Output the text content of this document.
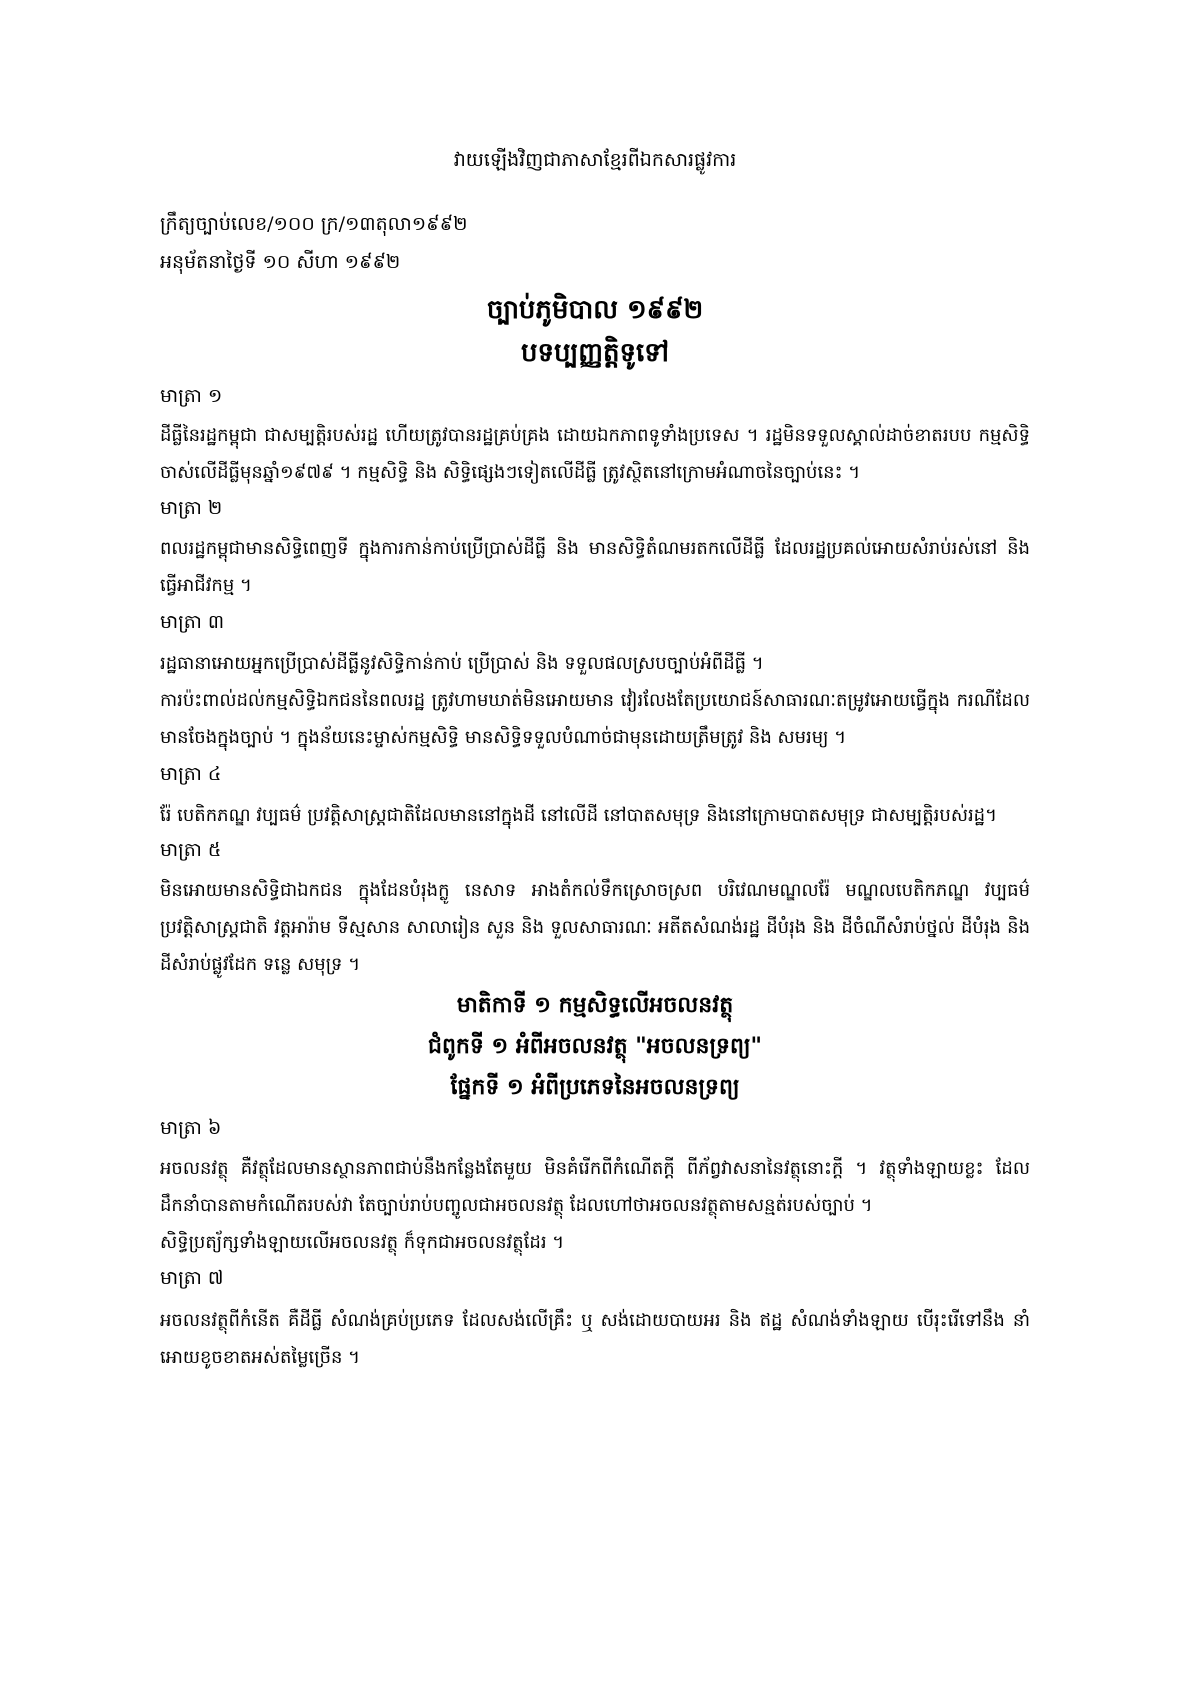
វាយឡើងវិញជាភាសាខ្មែរពីឯកសារផ្លូវការ
ក្រឹត្យច្បាប់លេខ/១០០ ក្រ/១៣តុលា១៩៩២
អនុម័តនាថ្ងៃទី ១០ សីហា ១៩៩២
ច្បាប់ភូមិបាល ១៩៩២
បទប្បញ្ញត្តិទូទៅ
មាត្រា ១
ដីធ្លីនៃរដ្ឋកម្ពុជា ជាសម្បត្តិរបស់រដ្ឋ ហើយត្រូវបានរដ្ឋគ្រប់គ្រង ដោយឯកភាពទូទាំងប្រទេស ។ រដ្ឋមិនទទួលស្គាល់ដាច់ខាតរបប កម្មសិទ្ធិចាស់លើដីធ្លីមុនឆ្នាំ១៩៧៩ ។ កម្មសិទ្ធិ និង សិទ្ធិផ្សេងៗទៀតលើដីធ្លី ត្រូវស្ថិតនៅក្រោមអំណាចនៃច្បាប់នេះ ។
មាត្រា ២
ពលរដ្ឋកម្ពុជាមានសិទ្ធិពេញទី ក្នុងការកាន់កាប់ប្រើប្រាស់ដីធ្លី និង មានសិទ្ធិតំណមរតកលើដីធ្លី ដែលរដ្ឋប្រគល់អោយសំរាប់រស់នៅ និង ធ្វើអាជីវកម្ម ។
មាត្រា ៣
រដ្ឋធានាអោយអ្នកប្រើប្រាស់ដីធ្លីនូវសិទ្ធិកាន់កាប់ ប្រើប្រាស់ និង ទទួលផលស្របច្បាប់អំពីដីធ្លី ។
ការប៉ះពាល់ដល់កម្មសិទ្ធិឯកជននៃពលរដ្ឋ ត្រូវហាមឃាត់មិនអោយមាន វៀរលែងតែប្រយោជន៍សាធារណៈតម្រូវអោយធ្វើក្នុង ករណីដែលមានចែងក្នុងច្បាប់ ។ ក្នុងន័យនេះម្ចាស់កម្មសិទ្ធិ មានសិទ្ធិទទួលបំណាច់ជាមុនដោយត្រឹមត្រូវ និង សមរម្យ ។
មាត្រា ៤
រ៉ែ បេតិកភណ្ឌ វប្បធម៌ ប្រវត្តិសាស្ត្រជាតិដែលមាននៅក្នុងដី នៅលើដី នៅបាតសមុទ្រ និងនៅក្រោមបាតសមុទ្រ ជាសម្បត្តិរបស់រដ្ឋ។
មាត្រា ៥
មិនអោយមានសិទ្ធិជាឯកជន ក្នុងដែនបំរុងក្លូ នេសាទ អាងតំកល់ទឹកស្រោចស្រព បរិវេណមណ្ឌលរ៉ែ មណ្ឌលបេតិកភណ្ឌ វប្បធម៌ ប្រវត្តិសាស្ត្រជាតិ វត្តអារ៉ាម ទីស្មសាន សាលារៀន សួន និង ទួលសាធារណៈ អតីតសំណង់រដ្ឋ ដីបំរុង និង ដីចំណីសំរាប់ថ្នល់ ដីបំរុង និង ដីសំរាប់ផ្លូវដែក ទន្លេ សមុទ្រ ។
មាតិកាទី ១ កម្មសិទ្ធលើអចលនវត្ថុ
ជំពូកទី ១ អំពីអចលនវត្ថុ "អចលនទ្រព្យ"
ផ្នែកទី ១ អំពីប្រភេទនៃអចលនទ្រព្យ
មាត្រា ៦
អចលនវត្ថុ គឺវត្ថុដែលមានស្ថានភាពជាប់នឹងកន្លែងតែមួយ មិនគំរើកពីកំណើតក្តី ពីភ័ព្វវាសនានៃវត្ថុនោះក្តី ។ វត្ថុទាំងឡាយខ្លះ ដែលដឹកនាំបានតាមកំណើតរបស់វា តែច្បាប់រាប់បញ្ចូលជាអចលនវត្ថុ ដែលហៅថាអចលនវត្ថុតាមសន្មត់របស់ច្បាប់ ។
សិទ្ធិប្រត្យ័ក្សទាំងឡាយលើអចលនវត្ថុ ក៏ទុកជាអចលនវត្ថុដែរ ។
មាត្រា ៧
អចលនវត្ថុពីកំនើត គឺដីធ្លី សំណង់គ្រប់ប្រភេទ ដែលសង់លើគ្រឹះ ឬ សង់ដោយបាយអរ និង ឥដ្ឋ សំណង់ទាំងឡាយ បើរុះរើទៅនឹង នាំអោយខូចខាតអស់តម្លៃច្រើន ។
